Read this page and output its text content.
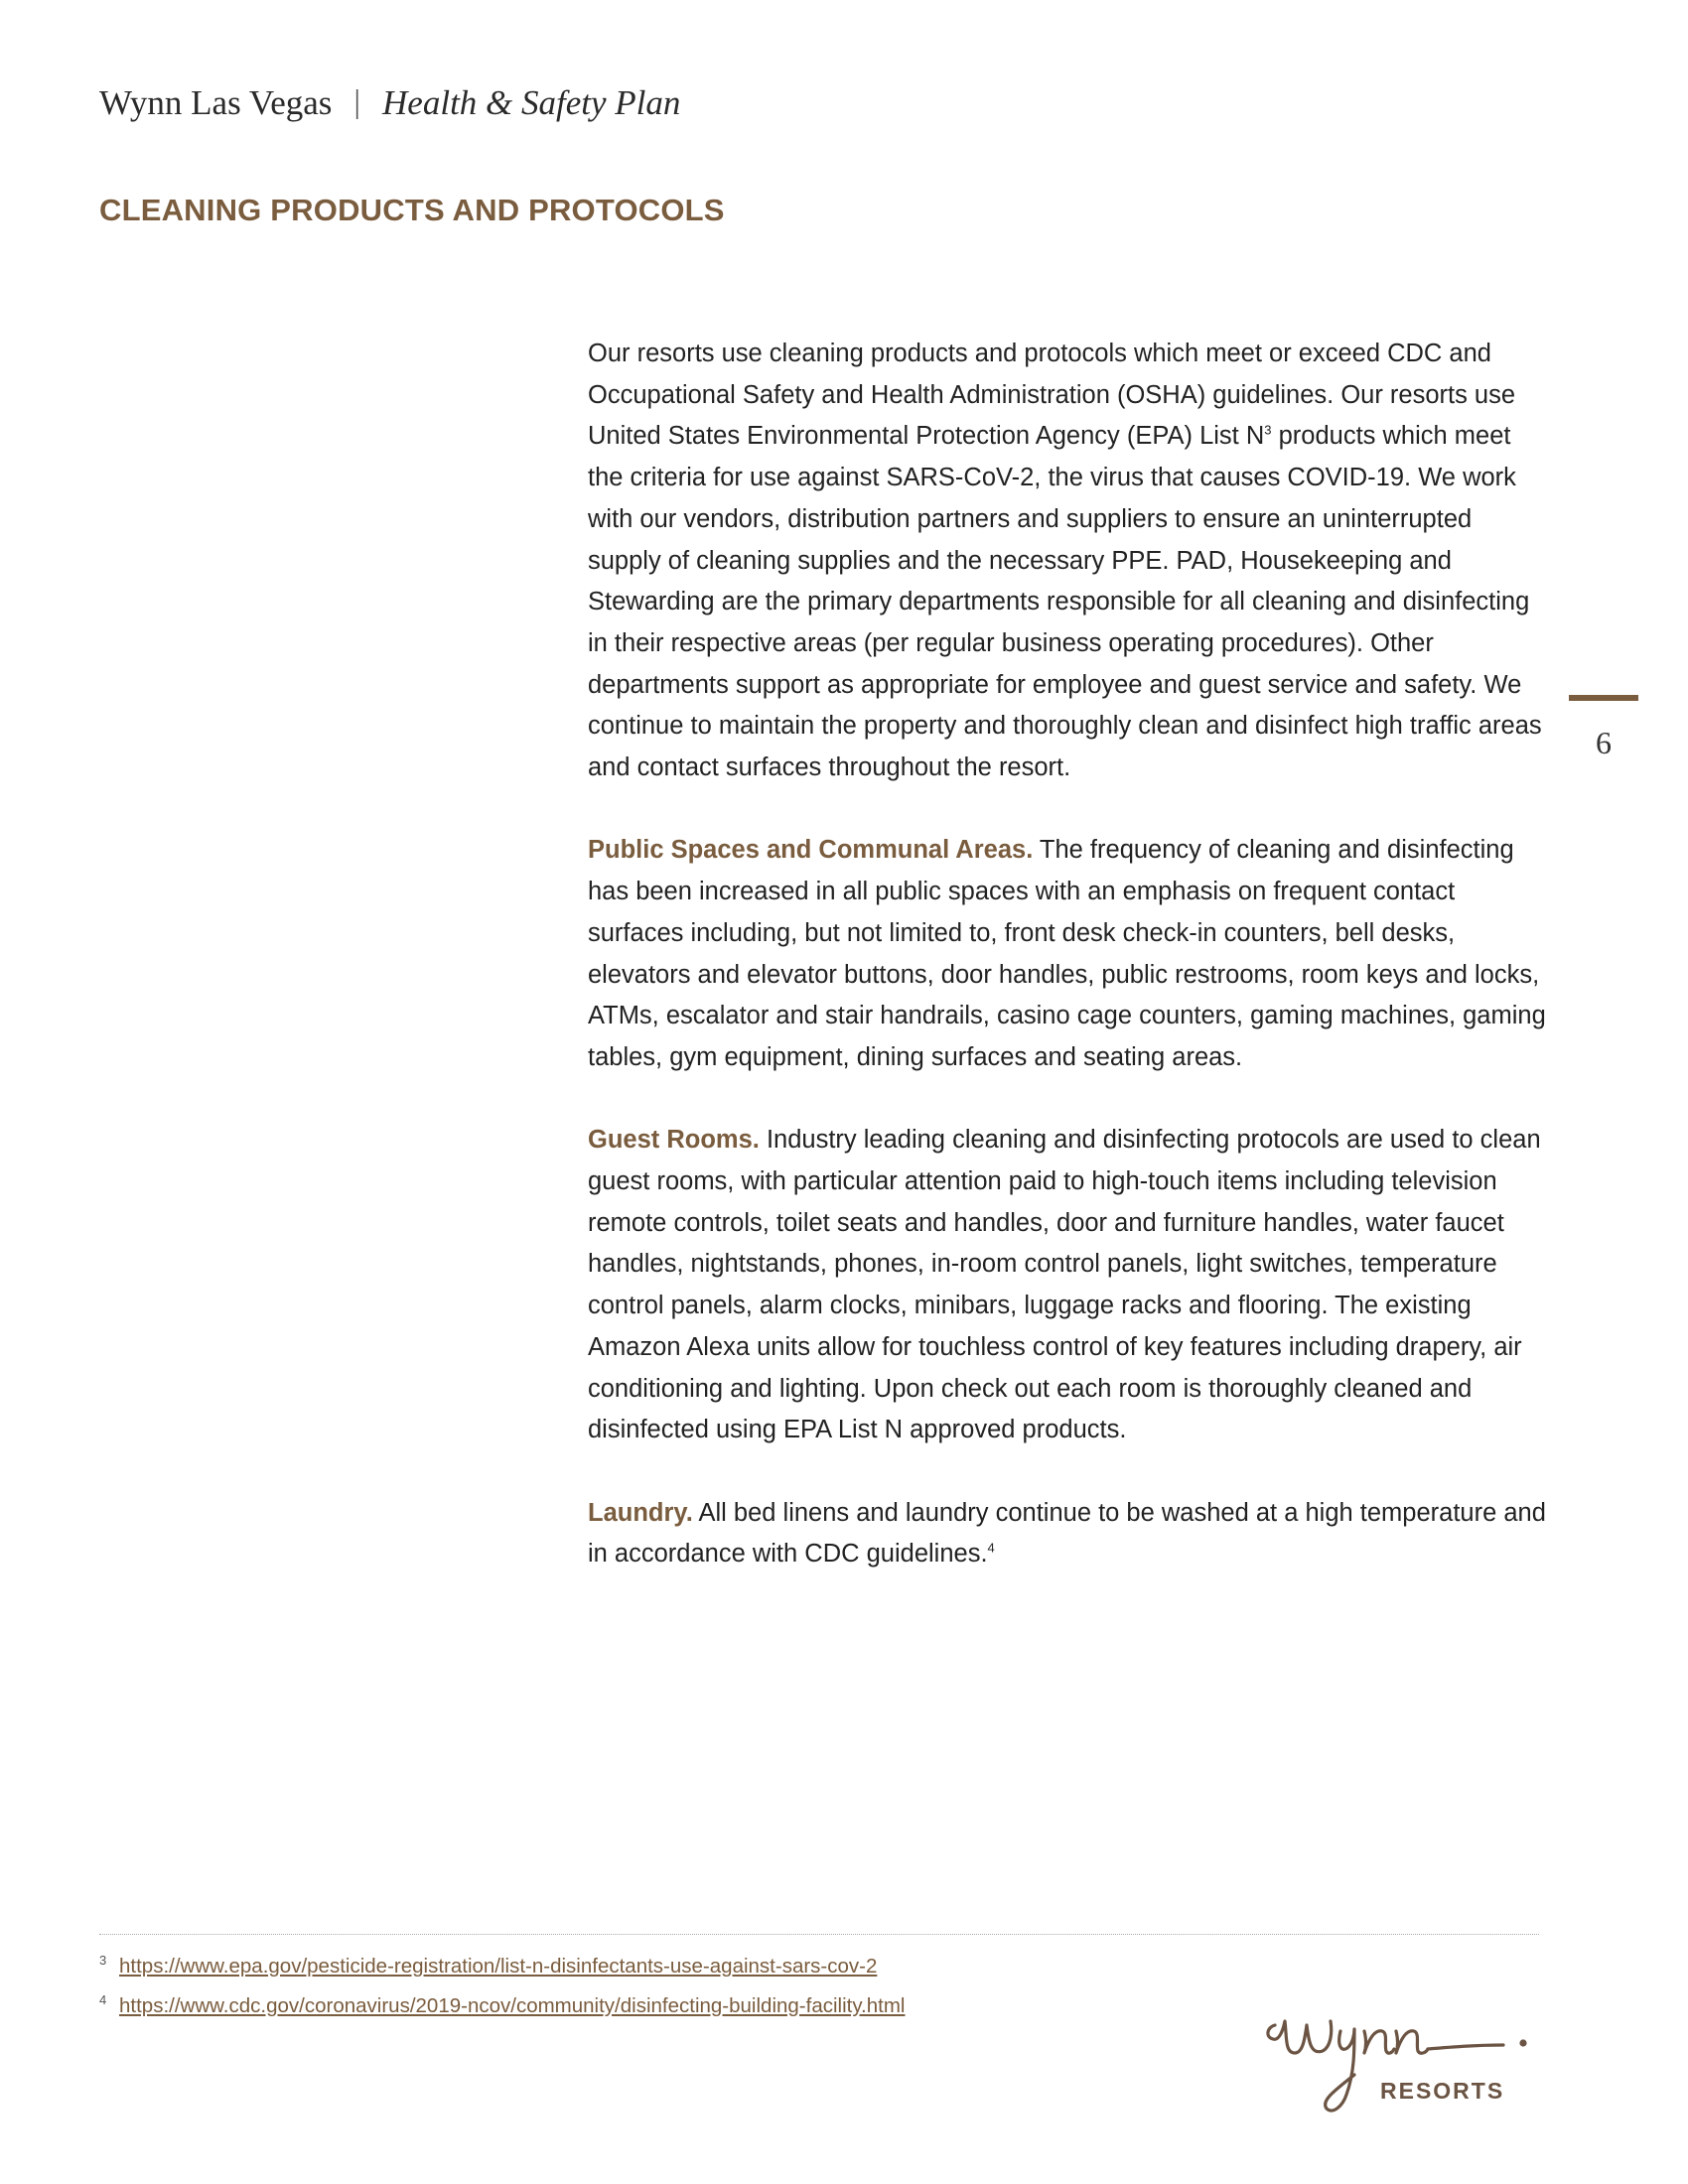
Wynn Las Vegas | Health & Safety Plan
CLEANING PRODUCTS AND PROTOCOLS

Our resorts use cleaning products and protocols which meet or exceed CDC and Occupational Safety and Health Administration (OSHA) guidelines. Our resorts use United States Environmental Protection Agency (EPA) List $N^3$ products which meet the criteria for use against SARS-CoV-2, the virus that causes COVID-19. We work with our vendors, distribution partners and suppliers to ensure an uninterrupted supply of cleaning supplies and the necessary PPE. PAD, Housekeeping and Stewarding are the primary departments responsible for all cleaning and disinfecting in their respective areas (per regular business operating procedures). Other departments support as appropriate for employee and guest service and safety. We continue to maintain the property and thoroughly clean and disinfect high traffic areas and contact surfaces throughout the resort.

Public Spaces and Communal Areas. The frequency of cleaning and disinfecting has been increased in all public spaces with an emphasis on frequent contact surfaces including, but not limited to, front desk check-in counters, bell desks, elevators and elevator buttons, door handles, public restrooms, room keys and locks, ATMs, escalator and stair handrails, casino cage counters, gaming machines, gaming tables, gym equipment, dining surfaces and seating areas.

Guest Rooms. Industry leading cleaning and disinfecting protocols are used to clean guest rooms, with particular attention paid to high-touch items including television remote controls, toilet seats and handles, door and furniture handles, water faucet handles, nightstands, phones, in-room control panels, light switches, temperature control panels, alarm clocks, minibars, luggage racks and flooring. The existing Amazon Alexa units allow for touchless control of key features including drapery, air conditioning and lighting. Upon check out each room is thoroughly cleaned and disinfected using EPA List N approved products.

Laundry. All bed linens and laundry continue to be washed at a high temperature and in accordance with CDC guidelines.$^4$

6
3 https://www.epa.gov/pesticide-registration/list-n-disinfectants-use-against-sars-cov-2
4 https://www.cdc.gov/coronavirus/2019-ncov/community/disinfecting-building-facility.html
RESORTS
